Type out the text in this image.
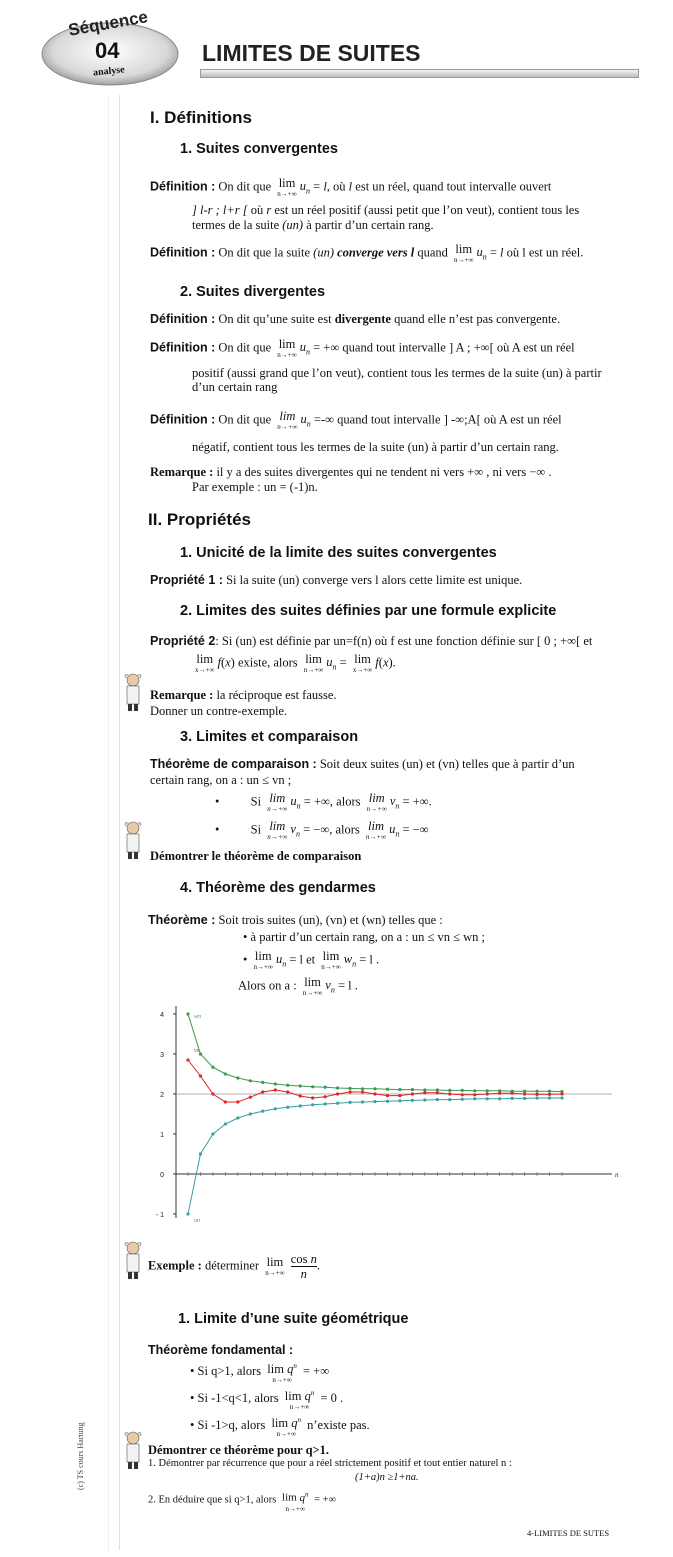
Séquence
04
analyse
LIMITES DE SUITES
I. Définitions
1. Suites convergentes
Définition : On dit que lim
n→+∞
$u_n = l$, où l est un réel, quand tout intervalle ouvert
] l-r ; l+r [ où r est un réel positif (aussi petit que l’on veut), contient tous les
termes de la suite (un) à partir d’un certain rang.
Définition : On dit que la suite (un) converge vers l quand lim
n→+∞
$u_n = l$ où l est un réel.
2. Suites divergentes
Définition : On dit qu’une suite est divergente quand elle n’est pas convergente.
Définition : On dit que lim
n→+∞
$u_n$ = +∞ quand tout intervalle ] A ; +∞[ où A est un réel
positif (aussi grand que l’on veut), contient tous les termes de la suite (un) à partir
d’un certain rang
Définition : On dit que lim
n→+∞
$u_n$ =-∞ quand tout intervalle ] -∞;A[ où A est un réel
négatif, contient tous les termes de la suite (un) à partir d’un certain rang.
Remarque : il y a des suites divergentes qui ne tendent ni vers +∞ , ni vers −∞ .
Par exemple : un = (-1)n.
II. Propriétés
1. Unicité de la limite des suites convergentes
Propriété 1 : Si la suite (un) converge vers l alors cette limite est unique.
2. Limites des suites définies par une formule explicite
Propriété 2: Si (un) est définie par un=f(n) où f est une fonction définie sur [ 0 ; +∞[ et
lim
x→+∞
f(x) existe, alors lim
n→+∞
$u_n = \lim$
x→+∞
f(x).
Remarque : la réciproque est fausse.
Donner un contre-exemple.
3. Limites et comparaison
Théorème de comparaison : Soit deux suites (un) et (vn) telles que à partir d’un
certain rang, on a : un ≤ vn ;
•          Si lim
n→+∞
$u_n$ = +∞, alors lim
n→+∞
$v_n$ = +∞.
•          Si lim
n→+∞
$v_n$ = −∞, alors lim
n→+∞
$u_n$ = −∞
Démontrer le théorème de comparaison
4. Théorème des gendarmes
Théorème : Soit trois suites (un), (vn) et (wn) telles que :
• à partir d’un certain rang, on a : un ≤ vn ≤ wn ;
• lim
n→+∞
$u_n = l$ et lim
n→+∞
$w_n = l$ .
Alors on a : lim
n→+∞
$v_n = l$ .
4
3
2
1
0
- 1
n
wn
vn
un
Exemple : déterminer lim
n→+∞
$\frac{\text{cos n}}{n}$ .
1. Limite d’une suite géométrique
Théorème fondamental :
• Si q>1, alors $\lim q^n$
n→+∞
= +∞
• Si -1<q<1, alors $\lim q^n$
n→+∞
= 0 .
• Si -1>q, alors $\lim q^n$
n→+∞
n’existe pas.
(c) TS cours Hartung	Démontrer ce théorème pour q>1.
1. Démontrer par récurrence que pour a réel strictement positif et tout entier naturel n :
(1+a)n ≥1+na.
2. En déduire que si q>1, alors $\lim q^n$
n→+∞
= +∞
4-LIMITES DE SUTES
